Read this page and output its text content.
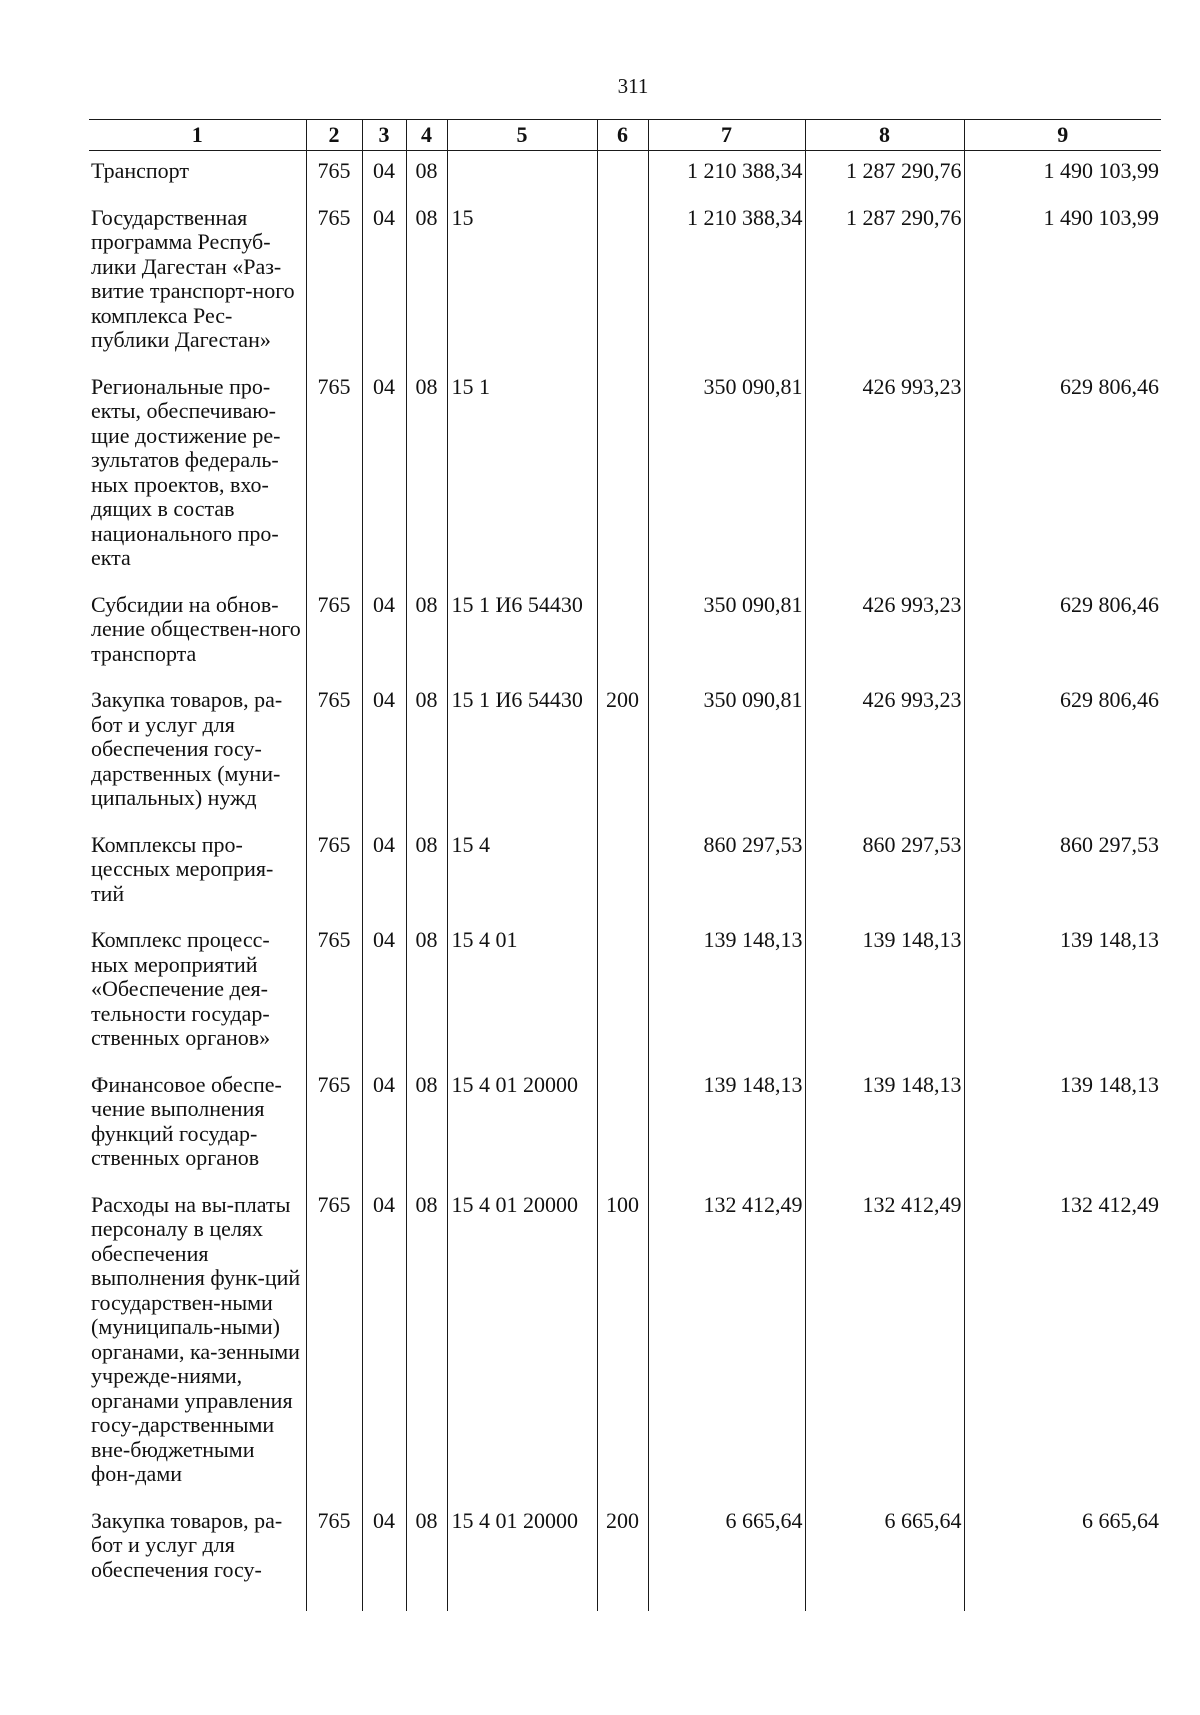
311
1	2	3	4	5	6	7	8	9

Транспорт	765	04	08			1 210 388,34	1 287 290,76	1 490 103,99

Государственная программа Респуб-лики Дагестан «Раз-витие транспорт-ного комплекса Рес-публики Дагестан»	765	04	08	15		1 210 388,34	1 287 290,76	1 490 103,99

Региональные про-екты, обеспечиваю-щие достижение ре-зультатов федераль-ных проектов, вхо-дящих в состав национального про-екта	765	04	08	15 1		350 090,81	426 993,23	629 806,46

Субсидии на обнов-ление обществен-ного транспорта	765	04	08	15 1 И6 54430		350 090,81	426 993,23	629 806,46

Закупка товаров, ра-бот и услуг для обеспечения госу-дарственных (муни-ципальных) нужд	765	04	08	15 1 И6 54430	200	350 090,81	426 993,23	629 806,46

Комплексы про-цессных мероприя-тий	765	04	08	15 4		860 297,53	860 297,53	860 297,53

Комплекс процесс-ных мероприятий «Обеспечение дея-тельности государ-ственных органов»	765	04	08	15 4 01		139 148,13	139 148,13	139 148,13

Финансовое обеспе-чение выполнения функций государ-ственных органов	765	04	08	15 4 01 20000		139 148,13	139 148,13	139 148,13

Расходы на вы-платы персоналу в целях обеспечения выполнения функ-ций государствен-ными (муниципаль-ными) органами, ка-зенными учрежде-ниями, органами управления госу-дарственными вне-бюджетными фон-дами	765	04	08	15 4 01 20000	100	132 412,49	132 412,49	132 412,49

Закупка товаров, ра-бот и услуг для обеспечения госу-	765	04	08	15 4 01 20000	200	6 665,64	6 665,64	6 665,64
